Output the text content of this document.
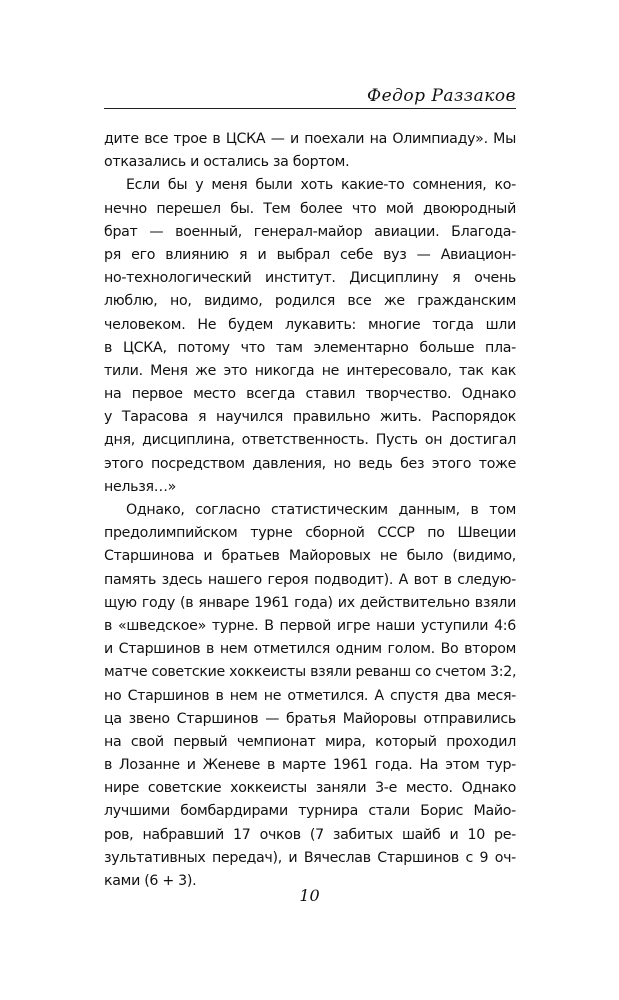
Федор Раззаков
дите все трое в ЦСКА — и поехали на Олимпиаду». Мы
отказались и остались за бортом.
Если бы у меня были хоть какие-то сомнения, ко-
нечно перешел бы. Тем более что мой двоюродный
брат — военный, генерал-майор авиации. Благода-
ря его влиянию я и выбрал себе вуз — Авиацион-
но-технологический институт. Дисциплину я очень
люблю, но, видимо, родился все же гражданским
человеком. Не будем лукавить: многие тогда шли
в ЦСКА, потому что там элементарно больше пла-
тили. Меня же это никогда не интересовало, так как
на первое место всегда ставил творчество. Однако
у Тарасова я научился правильно жить. Распорядок
дня, дисциплина, ответственность. Пусть он достигал
этого посредством давления, но ведь без этого тоже
нельзя…»
Однако, согласно статистическим данным, в том
предолимпийском турне сборной СССР по Швеции
Старшинова и братьев Майоровых не было (видимо,
память здесь нашего героя подводит). А вот в следую-
щую году (в январе 1961 года) их действительно взяли
в «шведское» турне. В первой игре наши уступили 4:6
и Старшинов в нем отметился одним голом. Во втором
матче советские хоккеисты взяли реванш со счетом 3:2,
но Старшинов в нем не отметился. А спустя два меся-
ца звено Старшинов — братья Майоровы отправились
на свой первый чемпионат мира, который проходил
в Лозанне и Женеве в марте 1961 года. На этом тур-
нире советские хоккеисты заняли 3-е место. Однако
лучшими бомбардирами турнира стали Борис Майо-
ров, набравший 17 очков (7 забитых шайб и 10 ре-
зультативных передач), и Вячеслав Старшинов с 9 оч-
ками (6 + 3).
10
